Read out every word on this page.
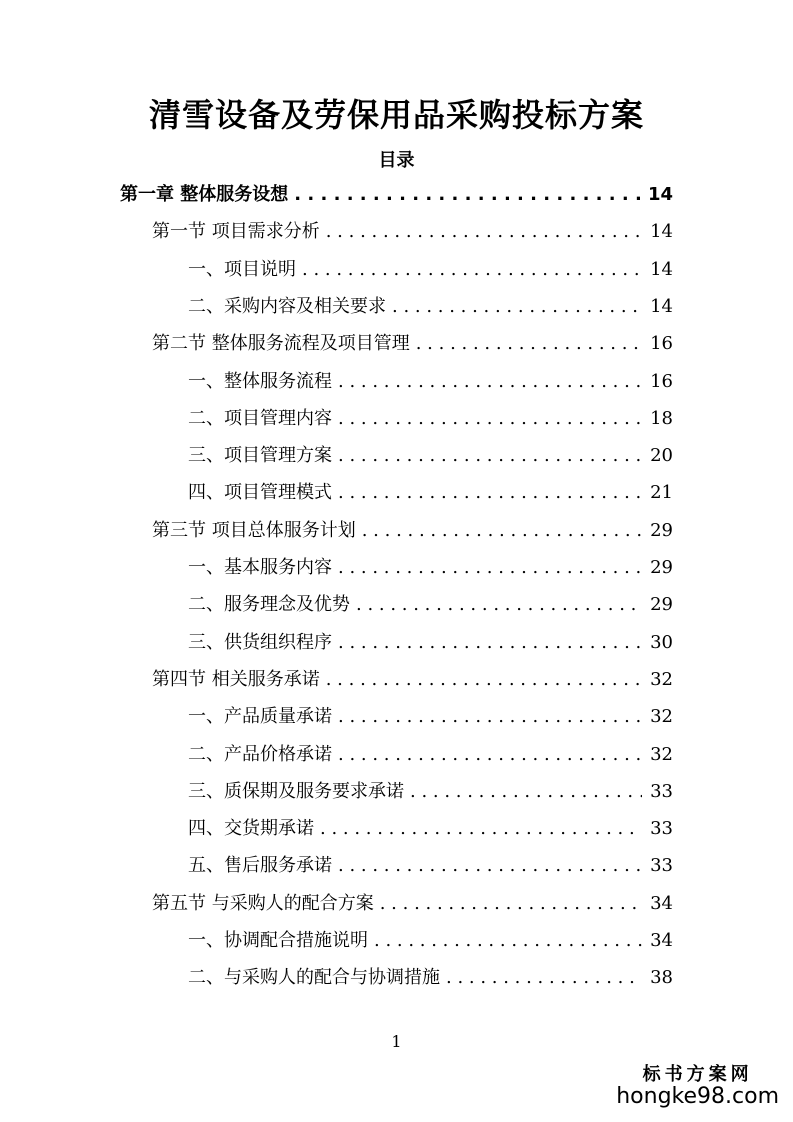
清雪设备及劳保用品采购投标方案
目录
第一章 整体服务设想 . . .	14
第一节 项目需求分析 . . .	14
一、项目说明 . . .	14
二、采购内容及相关要求 . . .	14
第二节 整体服务流程及项目管理 . . .	16
一、整体服务流程 . . .	16
二、项目管理内容 . . .	18
三、项目管理方案 . . .	20
四、项目管理模式 . . .	21
第三节 项目总体服务计划 . . .	29
一、基本服务内容 . . .	29
二、服务理念及优势 . . .	29
三、供货组织程序 . . .	30
第四节 相关服务承诺 . . .	32
一、产品质量承诺 . . .	32
二、产品价格承诺 . . .	32
三、质保期及服务要求承诺 . . .	33
四、交货期承诺 . . .	33
五、售后服务承诺 . . .	33
第五节 与采购人的配合方案 . . .	34
一、协调配合措施说明 . . .	34
二、与采购人的配合与协调措施 . . .	38
1
标书方案网
hongke98.com
